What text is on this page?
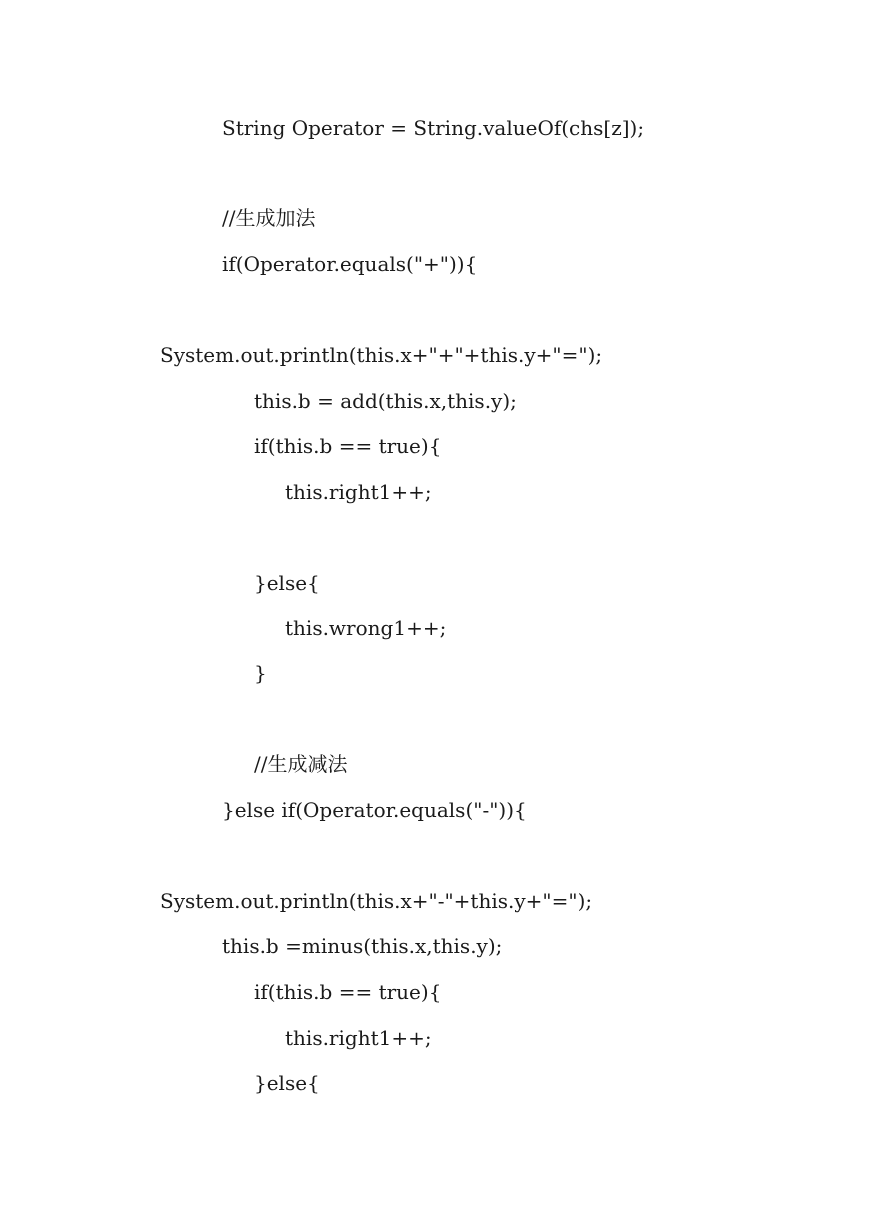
String Operator = String.valueOf(chs[z]);
//生成加法
if(Operator.equals("+")){
System.out.println(this.x+"+"+this.y+"=");
this.b = add(this.x,this.y);
if(this.b == true){
this.right1++;
}else{
this.wrong1++;
}
//生成减法
}else if(Operator.equals("-")){
System.out.println(this.x+"-"+this.y+"=");
this.b =minus(this.x,this.y);
if(this.b == true){
this.right1++;
}else{
